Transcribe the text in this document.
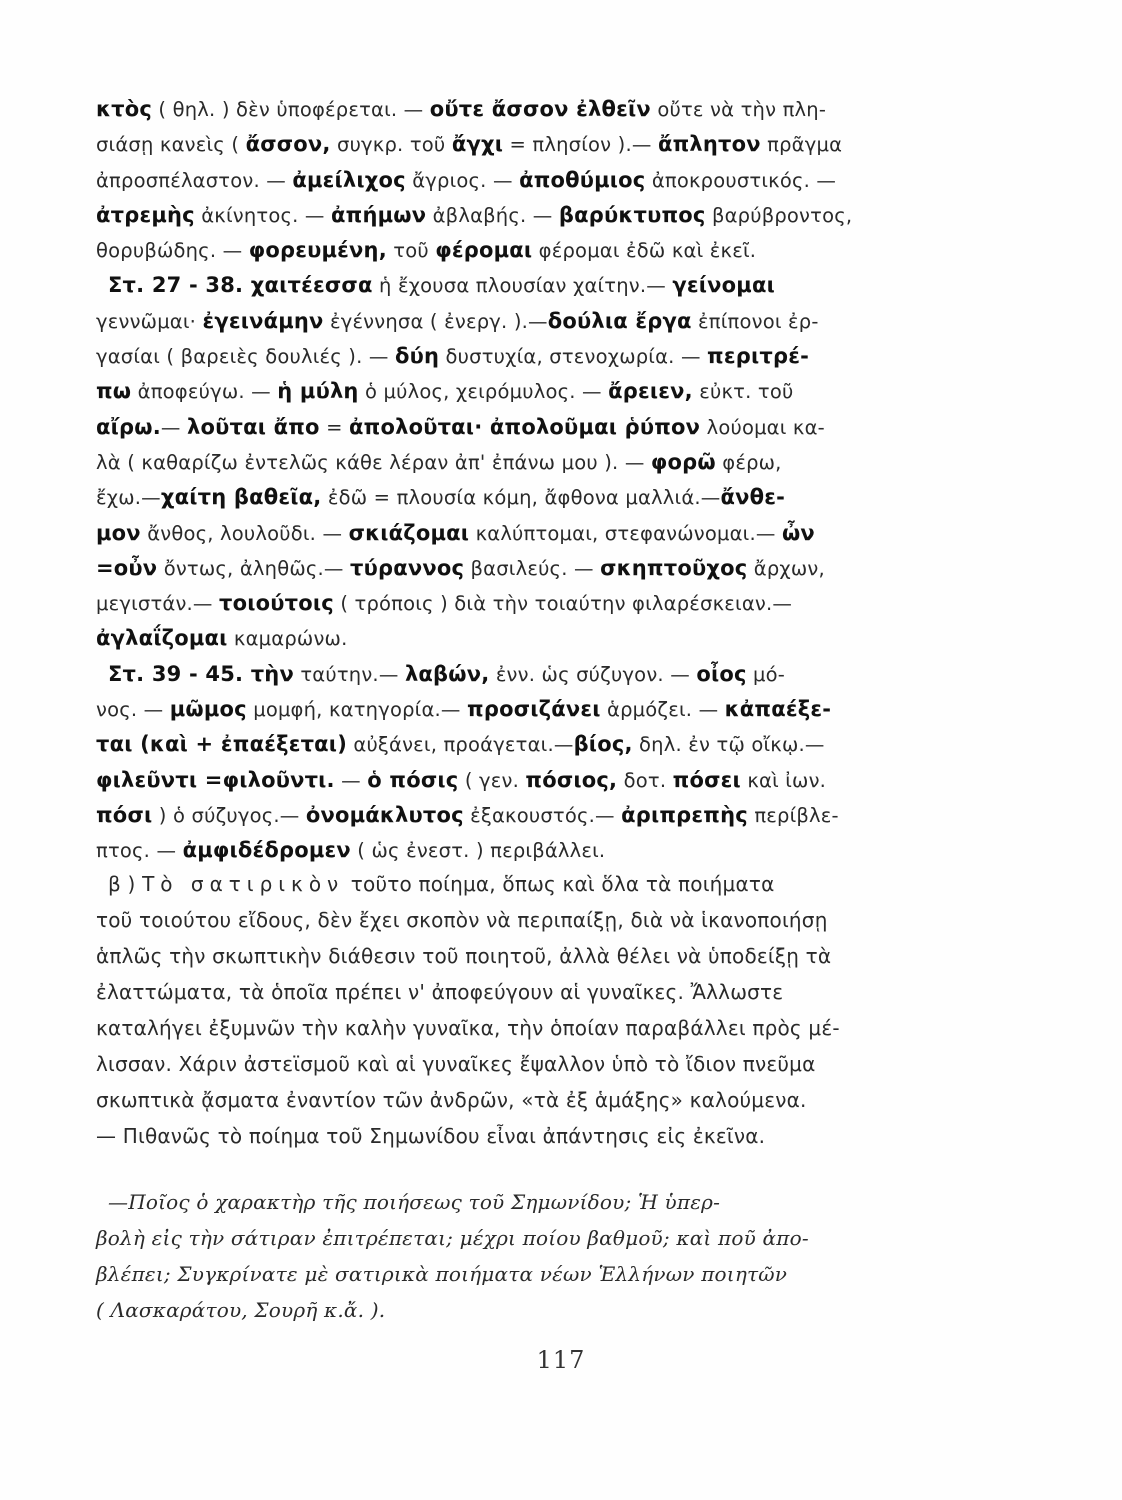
κτὸς ( θηλ. ) δὲν ὑποφέρεται. — οὔτε ἄσσον ἐλθεῖν οὔτε νὰ τὴν πλη-
σιάσῃ κανεὶς ( ἄσσον, συγκρ. τοῦ ἄγχι = πλησίον ).— ἄπλητον πρᾶγμα
ἀπροσπέλαστον. — ἀμείλιχος ἄγριος. — ἀποθύμιος ἀποκρουστικός. —
ἀτρεμὴς ἀκίνητος. — ἀπήμων ἀβλαβής. — βαρύκτυπος βαρύβροντος,
θορυβώδης. — φορευμένη, τοῦ φέρομαι φέρομαι ἐδῶ καὶ ἐκεῖ.
Στ. 27 - 38. χαιτέεσσα ἡ ἔχουσα πλουσίαν χαίτην.— γείνομαι
γεννῶμαι· ἐγεινάμην ἐγέννησα ( ἐνεργ. ).—δούλια ἔργα ἐπίπονοι ἐρ-
γασίαι ( βαρειὲς δουλιές ). — δύη δυστυχία, στενοχωρία. — περιτρέ-
πω ἀποφεύγω. — ἡ μύλη ὁ μύλος, χειρόμυλος. — ἄρειεν, εὐκτ. τοῦ
αἴρω.— λοῦται ἄπο = ἀπολοῦται· ἀπολοῦμαι ῥύπον λούομαι κα-
λὰ ( καθαρίζω ἐντελῶς κάθε λέραν ἀπ' ἐπάνω μου ). — φορῶ φέρω,
ἔχω.—χαίτη βαθεῖα, ἐδῶ = πλουσία κόμη, ἄφθονα μαλλιά.—ἄνθε-
μον ἄνθος, λουλοῦδι. — σκιάζομαι καλύπτομαι, στεφανώνομαι.— ὦν
=οὖν ὄντως, ἀληθῶς.— τύραννος βασιλεύς. — σκηπτοῦχος ἄρχων,
μεγιστάν.— τοιούτοις ( τρόποις ) διὰ τὴν τοιαύτην φιλαρέσκειαν.—
ἀγλαΐζομαι καμαρώνω.
Στ. 39 - 45. τὴν ταύτην.— λαβών, ἐνν. ὡς σύζυγον. — οἶος μό-
νος. — μῶμος μομφή, κατηγορία.— προσιζάνει ἁρμόζει. — κἀπαέξε-
ται (καὶ + ἐπαέξεται) αὐξάνει, προάγεται.—βίος, δηλ. ἐν τῷ οἴκῳ.—
φιλεῦντι =φιλοῦντι. — ὁ πόσις ( γεν. πόσιος, δοτ. πόσει καὶ ἰων.
πόσι ) ὁ σύζυγος.— ὀνομάκλυτος ἐξακουστός.— ἀριπρεπὴς περίβλε-
πτος. — ἀμφιδέδρομεν ( ὡς ἐνεστ. ) περιβάλλει.
β ) Τὸ σατιρικὸν τοῦτο ποίημα, ὅπως καὶ ὅλα τὰ ποιήματα
τοῦ τοιούτου εἴδους, δὲν ἔχει σκοπὸν νὰ περιπαίξῃ, διὰ νὰ ἱκανοποιήσῃ
ἁπλῶς τὴν σκωπτικὴν διάθεσιν τοῦ ποιητοῦ, ἀλλὰ θέλει νὰ ὑποδείξῃ τὰ
ἐλαττώματα, τὰ ὁποῖα πρέπει ν' ἀποφεύγουν αἱ γυναῖκες. Ἄλλωστε
καταλήγει ἐξυμνῶν τὴν καλὴν γυναῖκα, τὴν ὁποίαν παραβάλλει πρὸς μέ-
λισσαν. Χάριν ἀστεϊσμοῦ καὶ αἱ γυναῖκες ἔψαλλον ὑπὸ τὸ ἴδιον πνεῦμα
σκωπτικὰ ᾄσματα ἐναντίον τῶν ἀνδρῶν, «τὰ ἐξ ἁμάξης» καλούμενα.
— Πιθανῶς τὸ ποίημα τοῦ Σημωνίδου εἶναι ἀπάντησις εἰς ἐκεῖνα.
—Ποῖος ὁ χαρακτὴρ τῆς ποιήσεως τοῦ Σημωνίδου; Ἡ ὑπερ-
βολὴ εἰς τὴν σάτιραν ἐπιτρέπεται; μέχρι ποίου βαθμοῦ; καὶ ποῦ ἀπο-
βλέπει; Συγκρίνατε μὲ σατιρικὰ ποιήματα νέων Ἑλλήνων ποιητῶν
( Λασκαράτου, Σουρῆ κ.ἄ. ).
117
